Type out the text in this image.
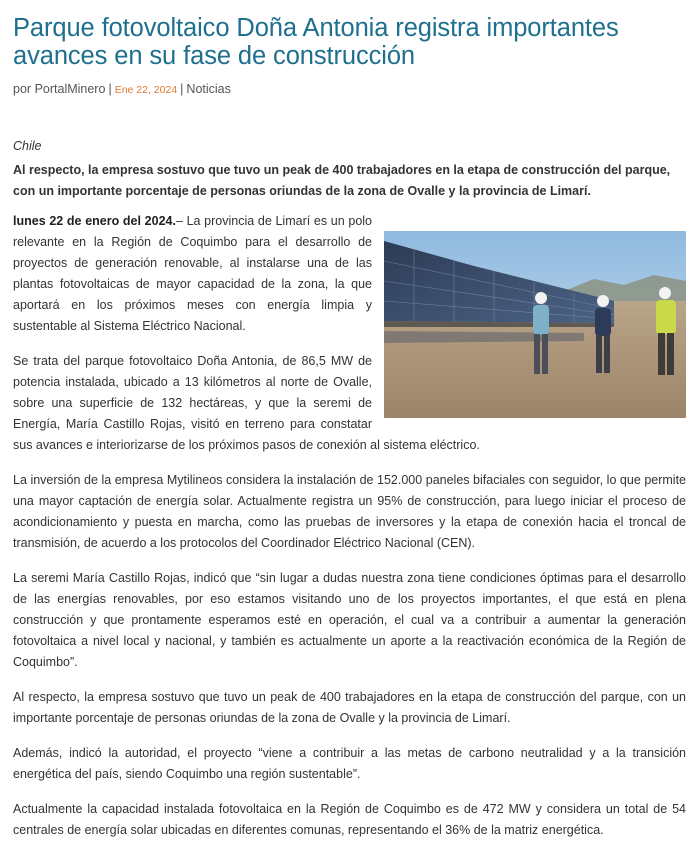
Parque fotovoltaico Doña Antonia registra importantes avances en su fase de construcción
por PortalMinero | Ene 22, 2024 | Noticias
Chile

Al respecto, la empresa sostuvo que tuvo un peak de 400 trabajadores en la etapa de construcción del parque, con un importante porcentaje de personas oriundas de la zona de Ovalle y la provincia de Limarí.

lunes 22 de enero del 2024.– La provincia de Limarí es un polo relevante en la Región de Coquimbo para el desarrollo de proyectos de generación renovable, al instalarse una de las plantas fotovoltaicas de mayor capacidad de la zona, la que aportará en los próximos meses con energía limpia y sustentable al Sistema Eléctrico Nacional.

Se trata del parque fotovoltaico Doña Antonia, de 86,5 MW de potencia instalada, ubicado a 13 kilómetros al norte de Ovalle, sobre una superficie de 132 hectáreas, y que la seremi de Energía, María Castillo Rojas, visitó en terreno para constatar sus avances e interiorizarse de los próximos pasos de conexión al sistema eléctrico.

La inversión de la empresa Mytilineos considera la instalación de 152.000 paneles bifaciales con seguidor, lo que permite una mayor captación de energía solar. Actualmente registra un 95% de construcción, para luego iniciar el proceso de acondicionamiento y puesta en marcha, como las pruebas de inversores y la etapa de conexión hacia el troncal de transmisión, de acuerdo a los protocolos del Coordinador Eléctrico Nacional (CEN).

La seremi María Castillo Rojas, indicó que “sin lugar a dudas nuestra zona tiene condiciones óptimas para el desarrollo de las energías renovables, por eso estamos visitando uno de los proyectos importantes, el que está en plena construcción y que prontamente esperamos esté en operación, el cual va a contribuir a aumentar la generación fotovoltaica a nivel local y nacional, y también es actualmente un aporte a la reactivación económica de la Región de Coquimbo”.

Al respecto, la empresa sostuvo que tuvo un peak de 400 trabajadores en la etapa de construcción del parque, con un importante porcentaje de personas oriundas de la zona de Ovalle y la provincia de Limarí.

Además, indicó la autoridad, el proyecto “viene a contribuir a las metas de carbono neutralidad y a la transición energética del país, siendo Coquimbo una región sustentable”.

Actualmente la capacidad instalada fotovoltaica en la Región de Coquimbo es de 472 MW y considera un total de 54 centrales de energía solar ubicadas en diferentes comunas, representando el 36% de la matriz energética.
